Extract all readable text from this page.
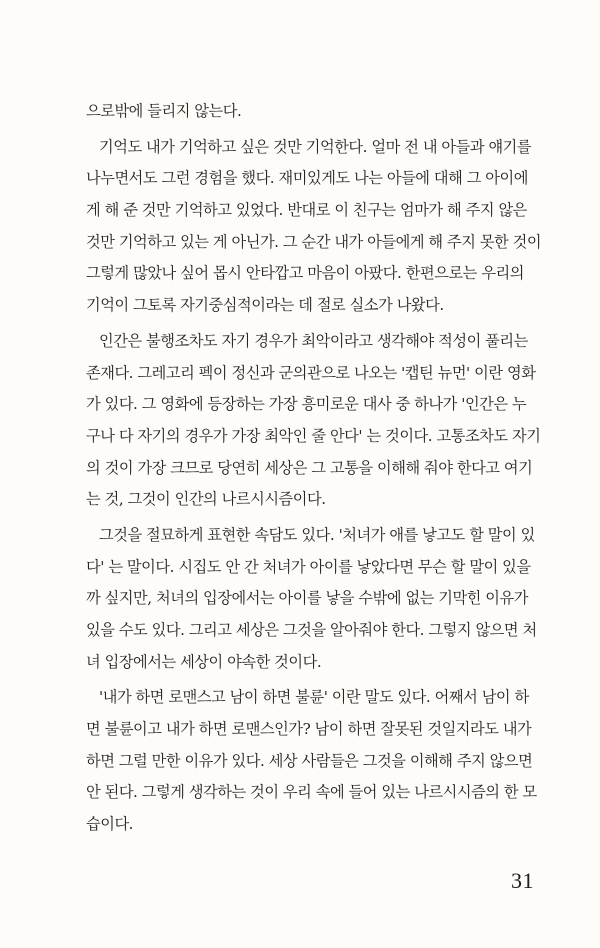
으로밖에 들리지 않는다.
기억도 내가 기억하고 싶은 것만 기억한다. 얼마 전 내 아들과 얘기를
나누면서도 그런 경험을 했다. 재미있게도 나는 아들에 대해 그 아이에
게 해 준 것만 기억하고 있었다. 반대로 이 친구는 엄마가 해 주지 않은
것만 기억하고 있는 게 아닌가. 그 순간 내가 아들에게 해 주지 못한 것이
그렇게 많았나 싶어 몹시 안타깝고 마음이 아팠다. 한편으로는 우리의
기억이 그토록 자기중심적이라는 데 절로 실소가 나왔다.
인간은 불행조차도 자기 경우가 최악이라고 생각해야 적성이 풀리는
존재다. 그레고리 펙이 정신과 군의관으로 나오는 '캡틴 뉴먼' 이란 영화
가 있다. 그 영화에 등장하는 가장 흥미로운 대사 중 하나가 '인간은 누
구나 다 자기의 경우가 가장 최악인 줄 안다' 는 것이다. 고통조차도 자기
의 것이 가장 크므로 당연히 세상은 그 고통을 이해해 줘야 한다고 여기
는 것, 그것이 인간의 나르시시즘이다.
그것을 절묘하게 표현한 속담도 있다. '처녀가 애를 낳고도 할 말이 있
다' 는 말이다. 시집도 안 간 처녀가 아이를 낳았다면 무슨 할 말이 있을
까 싶지만, 처녀의 입장에서는 아이를 낳을 수밖에 없는 기막힌 이유가
있을 수도 있다. 그리고 세상은 그것을 알아줘야 한다. 그렇지 않으면 처
녀 입장에서는 세상이 야속한 것이다.
'내가 하면 로맨스고 남이 하면 불륜' 이란 말도 있다. 어째서 남이 하
면 불륜이고 내가 하면 로맨스인가? 남이 하면 잘못된 것일지라도 내가
하면 그럴 만한 이유가 있다. 세상 사람들은 그것을 이해해 주지 않으면
안 된다. 그렇게 생각하는 것이 우리 속에 들어 있는 나르시시즘의 한 모
습이다.
31
